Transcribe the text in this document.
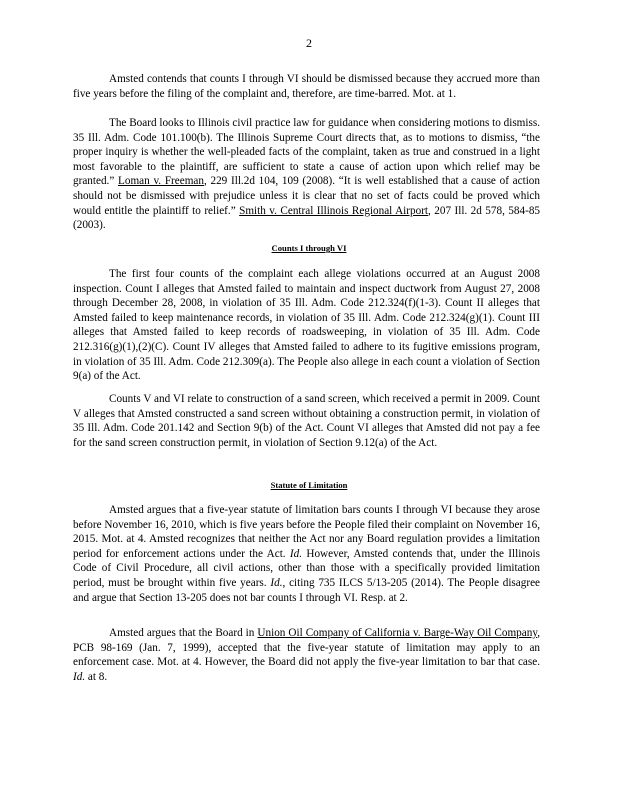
2
Amsted contends that counts I through VI should be dismissed because they accrued more than five years before the filing of the complaint and, therefore, are time-barred. Mot. at 1.
The Board looks to Illinois civil practice law for guidance when considering motions to dismiss. 35 Ill. Adm. Code 101.100(b). The Illinois Supreme Court directs that, as to motions to dismiss, “the proper inquiry is whether the well-pleaded facts of the complaint, taken as true and construed in a light most favorable to the plaintiff, are sufficient to state a cause of action upon which relief may be granted.” Loman v. Freeman, 229 Ill.2d 104, 109 (2008). “It is well established that a cause of action should not be dismissed with prejudice unless it is clear that no set of facts could be proved which would entitle the plaintiff to relief.” Smith v. Central Illinois Regional Airport, 207 Ill. 2d 578, 584-85 (2003).
Counts I through VI
The first four counts of the complaint each allege violations occurred at an August 2008 inspection. Count I alleges that Amsted failed to maintain and inspect ductwork from August 27, 2008 through December 28, 2008, in violation of 35 Ill. Adm. Code 212.324(f)(1-3). Count II alleges that Amsted failed to keep maintenance records, in violation of 35 Ill. Adm. Code 212.324(g)(1). Count III alleges that Amsted failed to keep records of roadsweeping, in violation of 35 Ill. Adm. Code 212.316(g)(1),(2)(C). Count IV alleges that Amsted failed to adhere to its fugitive emissions program, in violation of 35 Ill. Adm. Code 212.309(a). The People also allege in each count a violation of Section 9(a) of the Act.
Counts V and VI relate to construction of a sand screen, which received a permit in 2009. Count V alleges that Amsted constructed a sand screen without obtaining a construction permit, in violation of 35 Ill. Adm. Code 201.142 and Section 9(b) of the Act. Count VI alleges that Amsted did not pay a fee for the sand screen construction permit, in violation of Section 9.12(a) of the Act.
Statute of Limitation
Amsted argues that a five-year statute of limitation bars counts I through VI because they arose before November 16, 2010, which is five years before the People filed their complaint on November 16, 2015. Mot. at 4. Amsted recognizes that neither the Act nor any Board regulation provides a limitation period for enforcement actions under the Act. Id. However, Amsted contends that, under the Illinois Code of Civil Procedure, all civil actions, other than those with a specifically provided limitation period, must be brought within five years. Id., citing 735 ILCS 5/13-205 (2014). The People disagree and argue that Section 13-205 does not bar counts I through VI. Resp. at 2.
Amsted argues that the Board in Union Oil Company of California v. Barge-Way Oil Company, PCB 98-169 (Jan. 7, 1999), accepted that the five-year statute of limitation may apply to an enforcement case. Mot. at 4. However, the Board did not apply the five-year limitation to bar that case. Id. at 8.
